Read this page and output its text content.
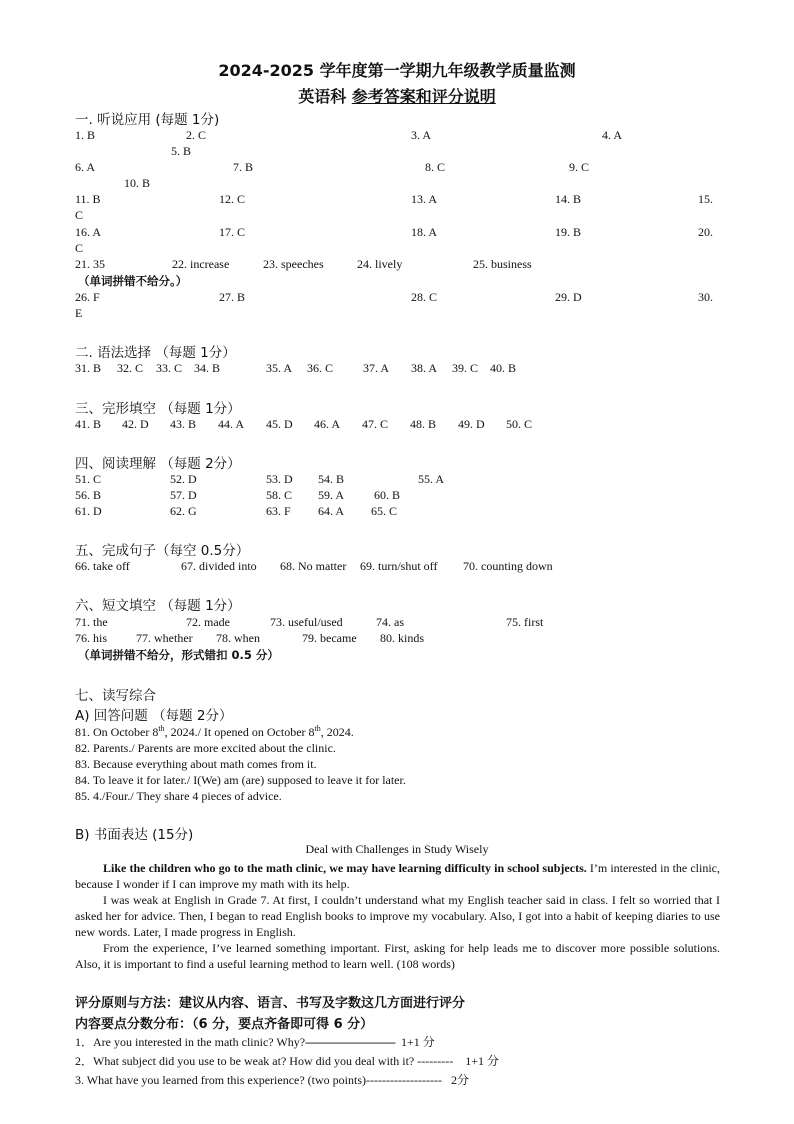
2024-2025 学年度第一学期九年级教学质量监测
英语科 参考答案和评分说明
一. 听说应用 (每题 1分)
1. B	2. C	3. A	4. A
5. B
6. A	7. B	8. C	9. C
10. B
11. B	12. C	13. A	14. B	15.
C
16. A	17. C	18. A	19. B	20.
C
21. 35	22. increase	23. speeches	24. lively	25. business
（单词拼错不给分。）
26. F	27. B	28. C	29. D	30.
E
二. 语法选择 （每题 1分）
31. B 32. C 33. C 34. B	35. A 36. C 37. A 38. A 39. C 40. B
三、完形填空 （每题 1分）
41. B 42. D 43. B 44. A 45. D 46. A 47. C 48. B 49. D 50. C
四、阅读理解 （每题 2分）
51. C	52. D	53. D 54. B	55. A
56. B	57. D	58. C 59. A 60. B
61. D	62. G	63. F 64. A 65. C
五、完成句子（每空 0.5分）
66. take off	67. divided into 68. No matter 69. turn/shut off 70. counting down
六、短文填空 （每题 1分）
71. the	72. made	73. useful/used	74. as	75. first
76. his 77. whether 78. when	79. became 80. kinds
（单词拼错不给分，形式错扣 0.5 分）
七、读写综合
A) 回答问题 （每题 2分）
81. On October 8th, 2024./ It opened on October 8th, 2024.
82. Parents./ Parents are more excited about the clinic.
83. Because everything about math comes from it.
84. To leave it for later./ I(We) am (are) supposed to leave it for later.
85. 4./Four./ They share 4 pieces of advice.
B) 书面表达 (15分)
Deal with Challenges in Study Wisely
Like the children who go to the math clinic, we may have learning difficulty in school subjects. I’m interested in the clinic, because I wonder if I can improve my math with its help.
I was weak at English in Grade 7. At first, I couldn’t understand what my English teacher said in class. I felt so worried that I asked her for advice. Then, I began to read English books to improve my vocabulary. Also, I got into a habit of keeping diaries to use new words. Later, I made progress in English.
From the experience, I’ve learned something important. First, asking for help leads me to discover more possible solutions. Also, it is important to find a useful learning method to learn well. (108 words)
评分原则与方法：建议从内容、语言、书写及字数这几方面进行评分
内容要点分数分布：（6 分，要点齐备即可得 6 分）
1．Are you interested in the math clinic? Why?------------------------------ 1+1 分
2．What subject did you use to be weak at? How did you deal with it? --------- 1+1 分
3. What have you learned from this experience? (two points)------------------- 2分
